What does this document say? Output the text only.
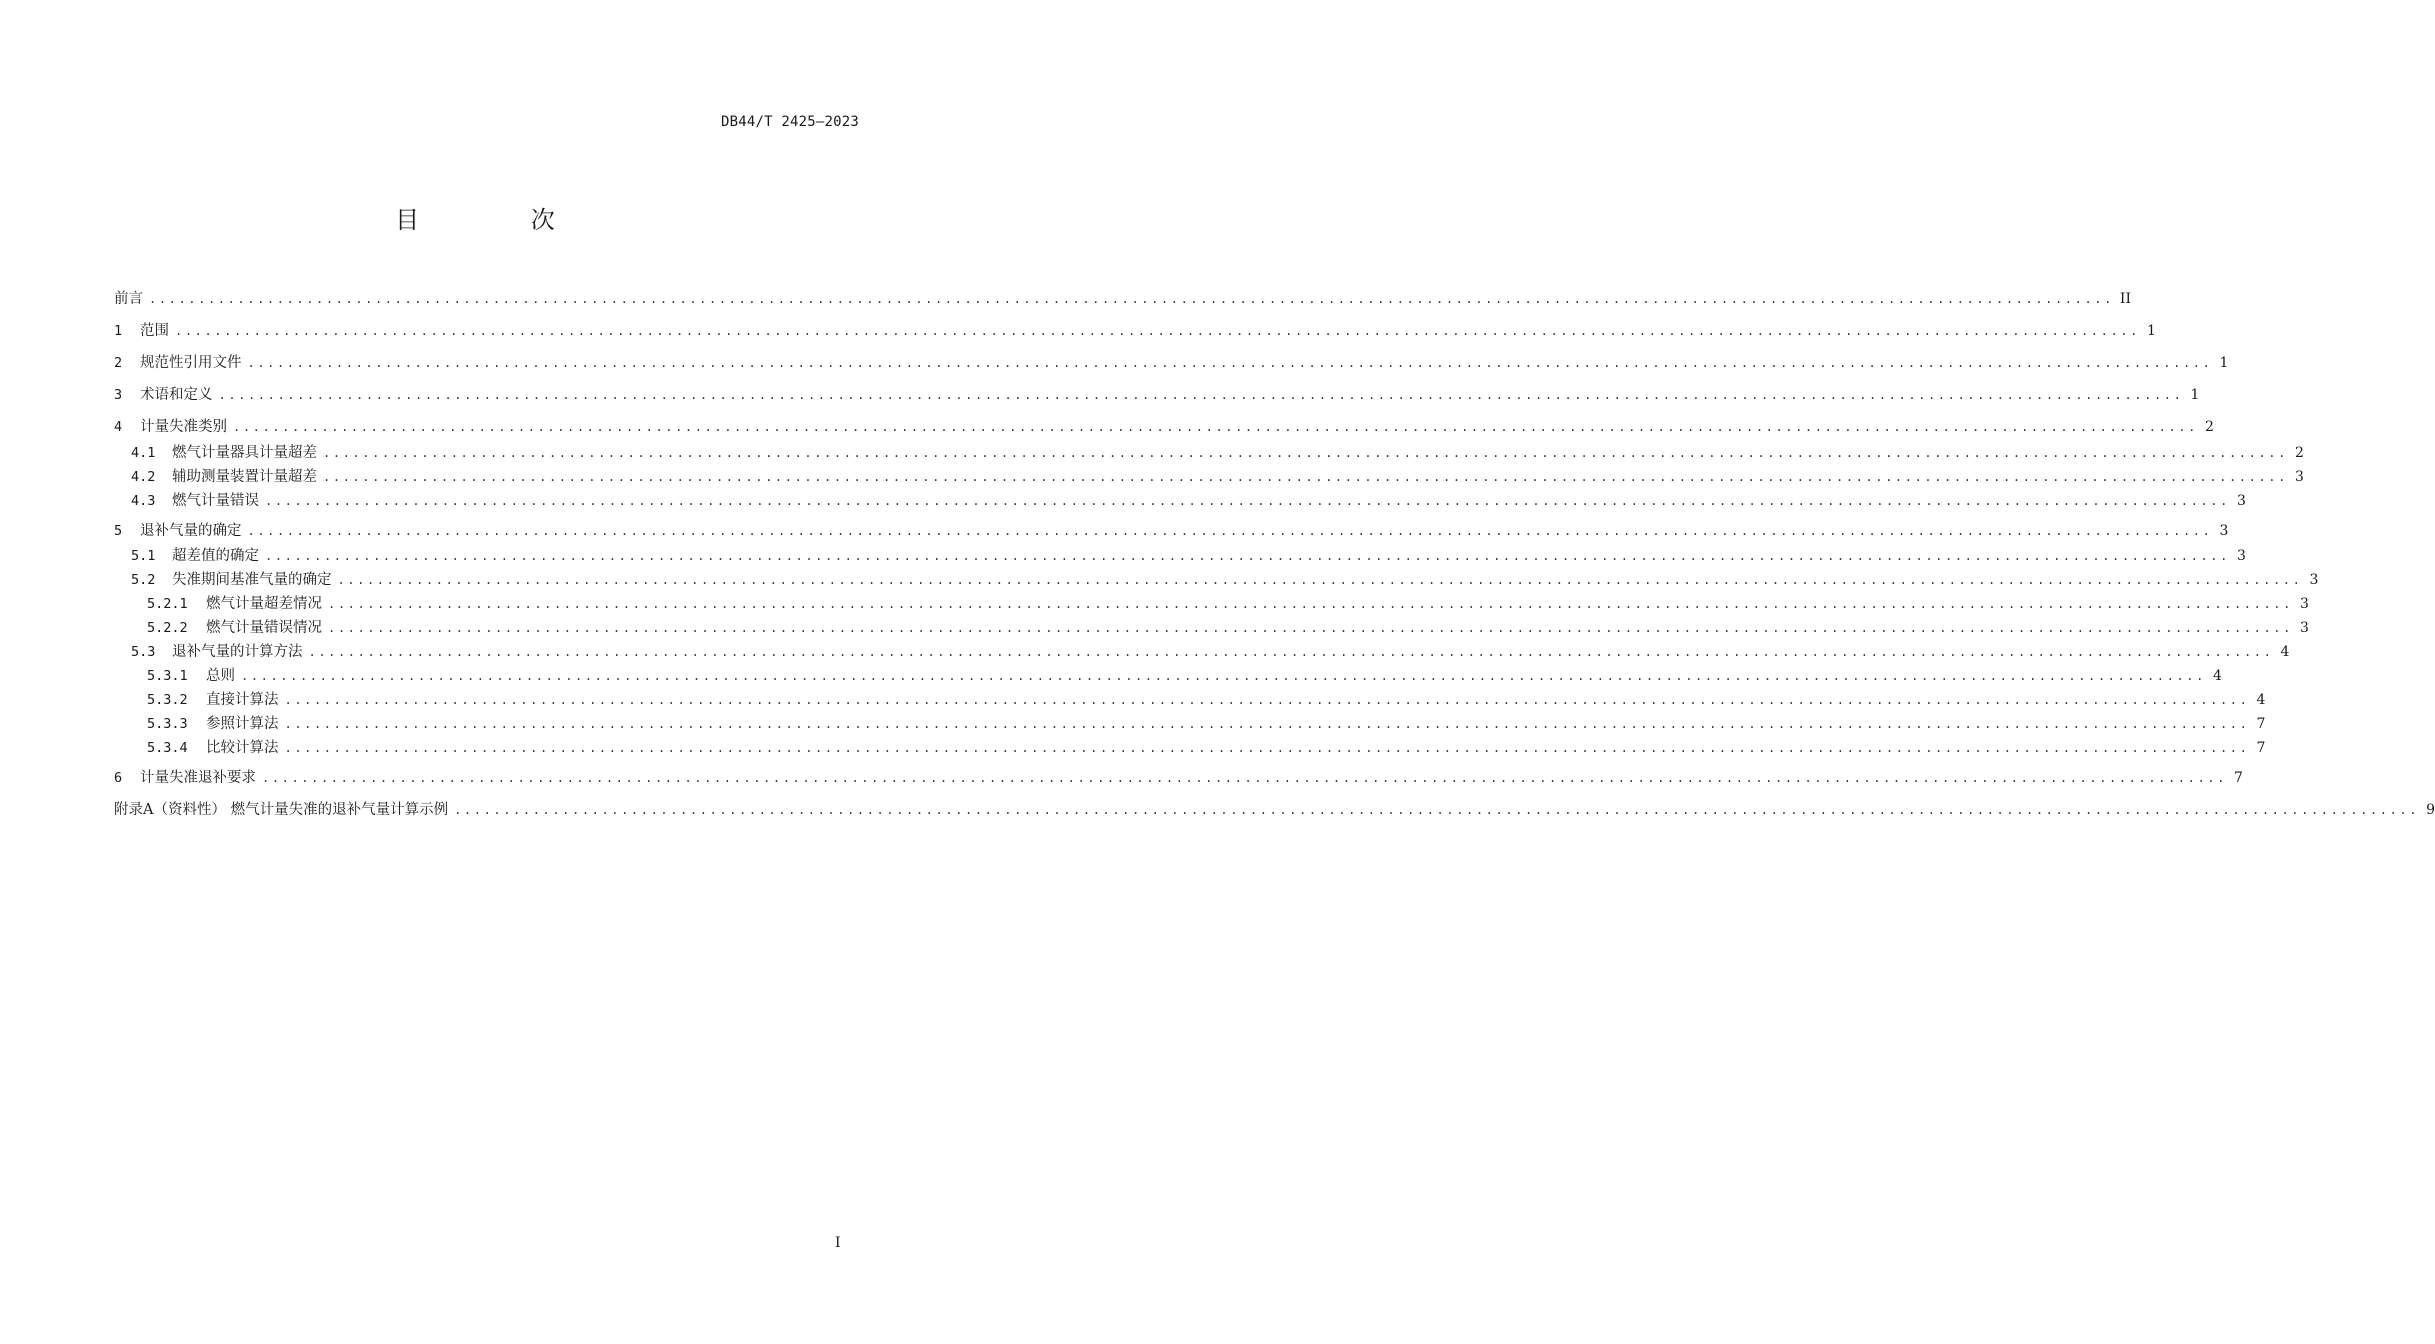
DB44/T 2425—2023
目 次
前言 ........................................................................................................................................................................................................ II
1 范围 ........................................................................................................................................................................................................ 1
2 规范性引用文件 ........................................................................................................................................................................................................ 1
3 术语和定义 ........................................................................................................................................................................................................ 1
4 计量失准类别 ........................................................................................................................................................................................................ 2
4.1 燃气计量器具计量超差 ........................................................................................................................................................................................................ 2
4.2 辅助测量装置计量超差 ........................................................................................................................................................................................................ 3
4.3 燃气计量错误 ........................................................................................................................................................................................................ 3
5 退补气量的确定 ........................................................................................................................................................................................................ 3
5.1 超差值的确定 ........................................................................................................................................................................................................ 3
5.2 失准期间基准气量的确定 ........................................................................................................................................................................................................ 3
5.2.1 燃气计量超差情况 ........................................................................................................................................................................................................ 3
5.2.2 燃气计量错误情况 ........................................................................................................................................................................................................ 3
5.3 退补气量的计算方法 ........................................................................................................................................................................................................ 4
5.3.1 总则 ........................................................................................................................................................................................................ 4
5.3.2 直接计算法 ........................................................................................................................................................................................................ 4
5.3.3 参照计算法 ........................................................................................................................................................................................................ 7
5.3.4 比较计算法 ........................................................................................................................................................................................................ 7
6 计量失准退补要求 ........................................................................................................................................................................................................ 7
附录A（资料性） 燃气计量失准的退补气量计算示例 ........................................................................................................................................................................................................ 9
I
